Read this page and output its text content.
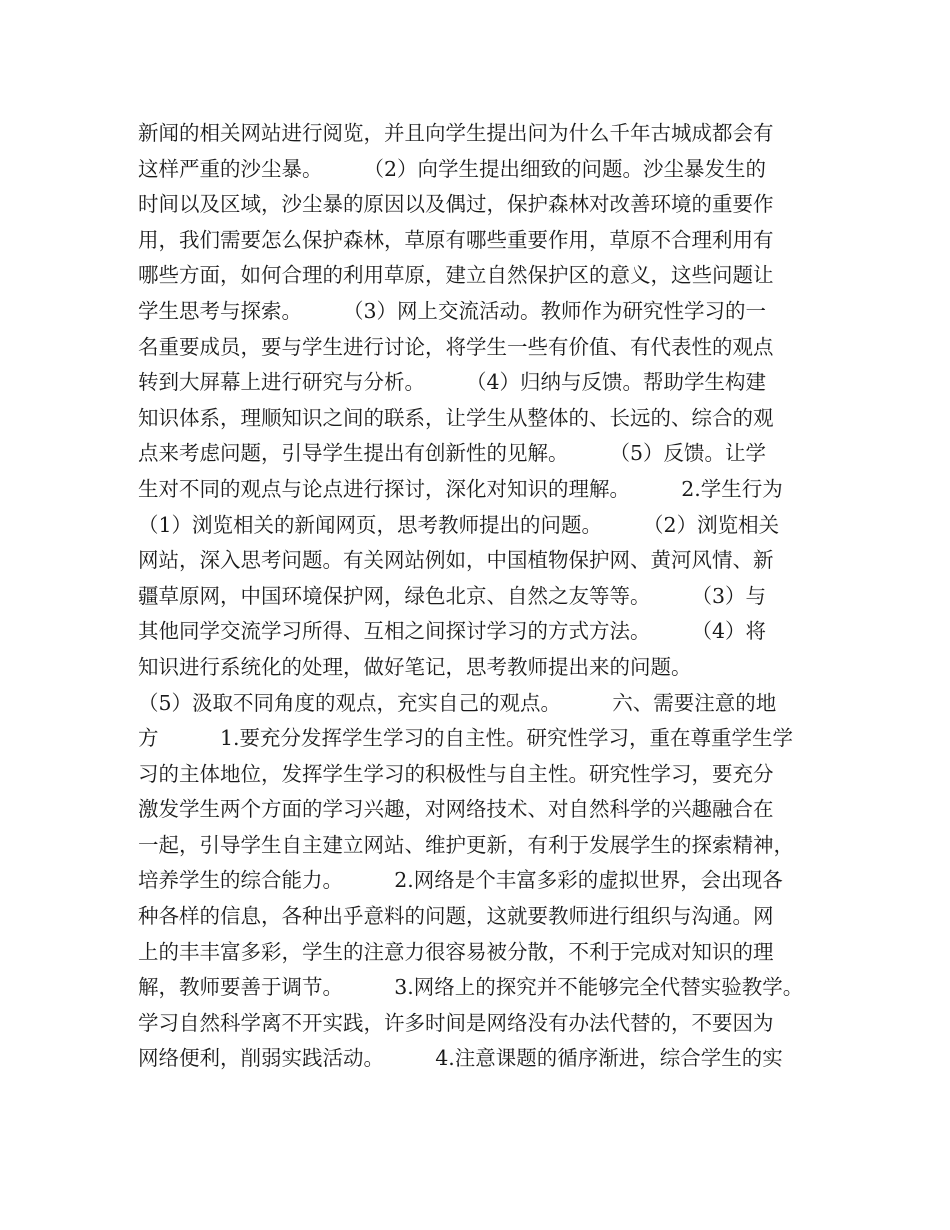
新闻的相关网站进行阅览，并且向学生提出问为什么千年古城成都会有
这样严重的沙尘暴。　　　（2）向学生提出细致的问题。沙尘暴发生的
时间以及区域，沙尘暴的原因以及偶过，保护森林对改善环境的重要作
用，我们需要怎么保护森林，草原有哪些重要作用，草原不合理利用有
哪些方面，如何合理的利用草原，建立自然保护区的意义，这些问题让
学生思考与探索。　　　（3）网上交流活动。教师作为研究性学习的一
名重要成员，要与学生进行讨论，将学生一些有价值、有代表性的观点
转到大屏幕上进行研究与分析。　　　（4）归纳与反馈。帮助学生构建
知识体系，理顺知识之间的联系，让学生从整体的、长远的、综合的观
点来考虑问题，引导学生提出有创新性的见解。　　　（5）反馈。让学
生对不同的观点与论点进行探讨，深化对知识的理解。　　　2.学生行为
（1）浏览相关的新闻网页，思考教师提出的问题。　　　（2）浏览相关
网站，深入思考问题。有关网站例如，中国植物保护网、黄河风情、新
疆草原网，中国环境保护网，绿色北京、自然之友等等。　　　（3）与
其他同学交流学习所得、互相之间探讨学习的方式方法。　　　（4）将
知识进行系统化的处理，做好笔记，思考教师提出来的问题。
（5）汲取不同角度的观点，充实自己的观点。　　　六、需要注意的地
方　　　1.要充分发挥学生学习的自主性。研究性学习，重在尊重学生学
习的主体地位，发挥学生学习的积极性与自主性。研究性学习，要充分
激发学生两个方面的学习兴趣，对网络技术、对自然科学的兴趣融合在
一起，引导学生自主建立网站、维护更新，有利于发展学生的探索精神，
培养学生的综合能力。　　　2.网络是个丰富多彩的虚拟世界，会出现各
种各样的信息，各种出乎意料的问题，这就要教师进行组织与沟通。网
上的丰丰富多彩，学生的注意力很容易被分散，不利于完成对知识的理
解，教师要善于调节。　　　3.网络上的探究并不能够完全代替实验教学。
学习自然科学离不开实践，许多时间是网络没有办法代替的，不要因为
网络便利，削弱实践活动。　　　4.注意课题的循序渐进，综合学生的实
